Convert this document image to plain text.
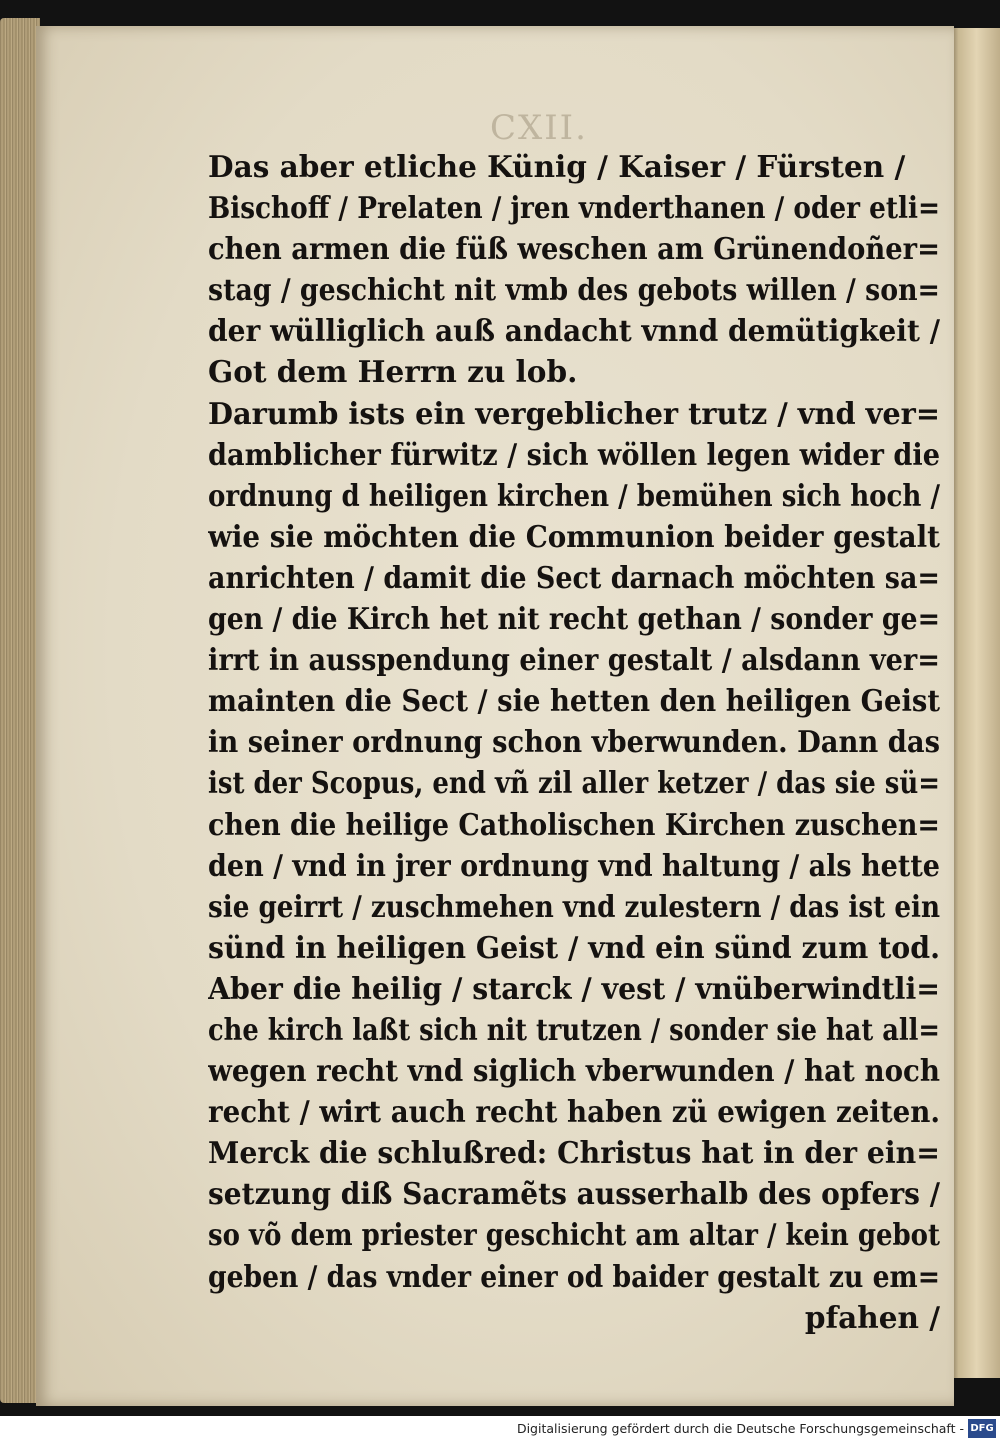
CXII.
Das aber etliche Künig / Kaiser / Fürsten /
Bischoff / Prelaten / jren vnderthanen / oder etli=
chen armen die füß weschen am Grünendoñer=
stag / geschicht nit vmb des gebots willen / son=
der wülliglich auß andacht vnnd demütigkeit /
Got dem Herrn zu lob.
Darumb ists ein vergeblicher trutz / vnd ver=
damblicher fürwitz / sich wöllen legen wider die
ordnung d heiligen kirchen / bemühen sich hoch /
wie sie möchten die Communion beider gestalt
anrichten / damit die Sect darnach möchten sa=
gen / die Kirch het nit recht gethan / sonder ge=
irrt in ausspendung einer gestalt / alsdann ver=
mainten die Sect / sie hetten den heiligen Geist
in seiner ordnung schon vberwunden. Dann das
ist der Scopus, end vñ zil aller ketzer / das sie sü=
chen die heilige Catholischen Kirchen zuschen=
den / vnd in jrer ordnung vnd haltung / als hette
sie geirrt / zuschmehen vnd zulestern / das ist ein
sünd in heiligen Geist / vnd ein sünd zum tod.
Aber die heilig / starck / vest / vnüberwindtli=
che kirch laßt sich nit trutzen / sonder sie hat all=
wegen recht vnd siglich vberwunden / hat noch
recht / wirt auch recht haben zü ewigen zeiten.
Merck die schlußred: Christus hat in der ein=
setzung diß Sacramẽts ausserhalb des opfers /
so võ dem priester geschicht am altar / kein gebot
geben / das vnder einer od baider gestalt zu em=
pfahen /
Digitalisierung gefördert durch die Deutsche Forschungsgemeinschaft - DFG
